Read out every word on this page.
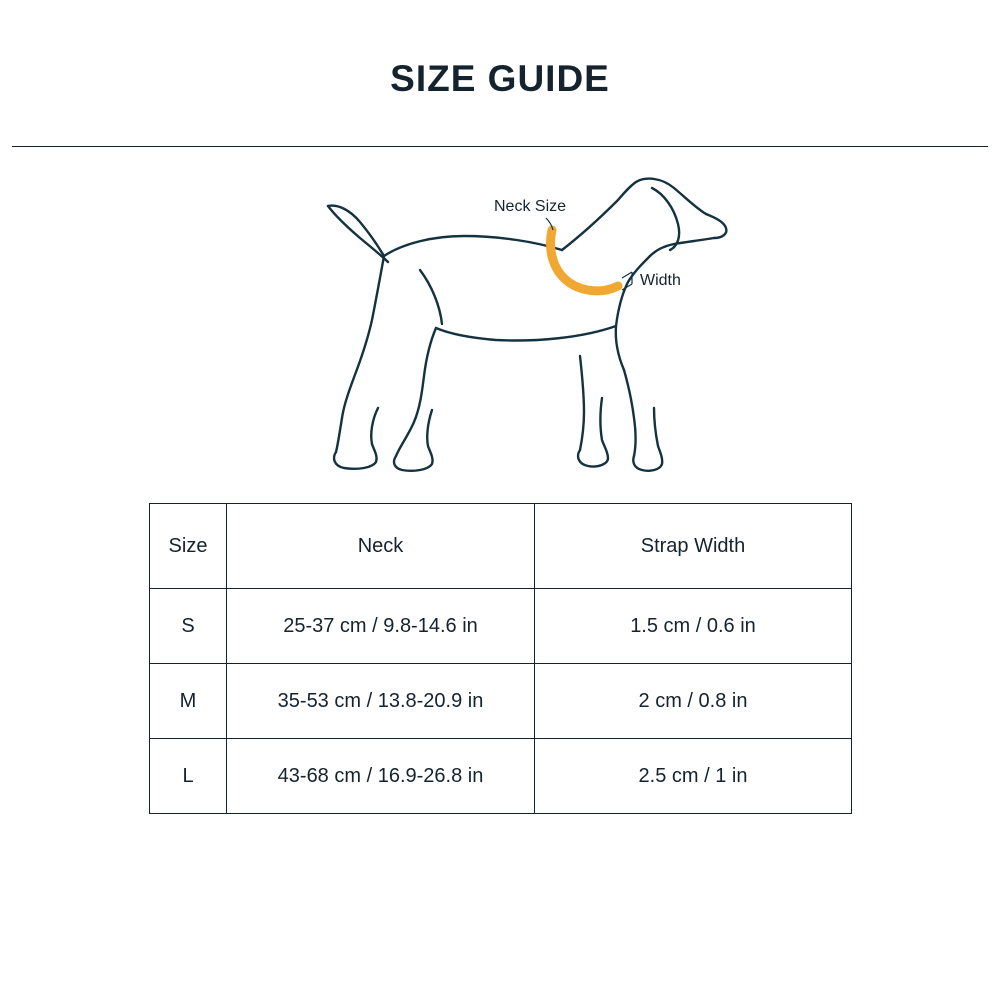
SIZE GUIDE
Neck Size
Width
Size	Neck	Strap Width
S	25-37 cm / 9.8-14.6 in	1.5 cm / 0.6 in
M	35-53 cm / 13.8-20.9 in	2 cm / 0.8 in
L	43-68 cm / 16.9-26.8 in	2.5 cm / 1 in
